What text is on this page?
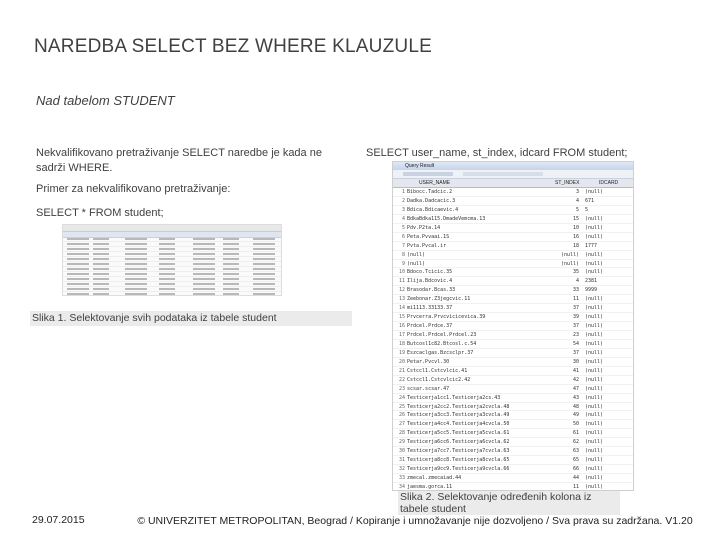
NAREDBA SELECT BEZ WHERE KLAUZULE
Nad tabelom STUDENT
Nekvalifikovano pretraživanje SELECT naredbe je kada ne sadrži WHERE.
Primer za nekvalifikovano pretraživanje:
SELECT * FROM student;
SELECT user_name, st_index, idcard FROM student;
Slika 1. Selektovanje svih podataka iz tabele student
Query Result
USER_NAME	ST_INDEX	IDCARD
1 Bibocc.Tadcic.2	3 (null)
2 Dadka.Dadcacic.3	4 671
3 Bdica.Bdicaevic.4	5 5
4 BdkaBdka115.DmadeVemcma.13	15 (null)
5 Pdv.P2ta.14	10 (null)
6 Peta.Pvvaai.1S	16 (null)
7 Pvta.Pvcal.ir	18 1777
8 (null)	(null) (null)
9 (null)	(null) (null)
10 Bdoco.Tcicic.35	35 (null)
11 Ilija.Bdcovic.4	4 2381
12 Brasodar.Bcas.33	33 9999
13 Zeebonar.Z3jegcvic.11	11 (null)
14 mi1113.33133.37	37 (null)
15 Prvcerra.Prvcvicicevica.39	39 (null)
16 Prdcel.Prdce.37	37 (null)
17 Prdcel.Prdcel.Prdcel.23	23 (null)
18 Butcosl1c82.Btcosl.c.54	54 (null)
19 Eszcaclgas.Bzcsclpr.37	37 (null)
20 Petar.Pvcvl.30	30 (null)
21 Cstccl1.Cstcvlcic.41	41 (null)
22 Cstccl1.Cstcvlcic2.42	42 (null)
23 scsar.scsar.47	47 (null)
24 Testicerja1cc1.Testicerja2cs.43	43 (null)
25 Testicerja2cc2.Testicerja2cvcla.48	48 (null)
26 Testicerja3cc3.Testicerja3cvcla.49	49 (null)
27 Testicerja4cc4.Testicerja4cvcla.50	50 (null)
28 Testicerja5cc5.Testicerja5cvcla.61	61 (null)
29 Testicerja6cc6.Testicerja6cvcla.62	62 (null)
30 Testicerja7cc7.Testicerja7cvcla.63	63 (null)
31 Testicerja8cc8.Testicerja8cvcla.65	65 (null)
32 Testicerja9cc9.Testicerja9cvcla.66	66 (null)
33 zmecal.zmecaiad.44	44 (null)
34 jaesma.gorca.11	11 (null)
Slika 2. Selektovanje određenih kolona iz tabele student
29.07.2015	© UNIVERZITET METROPOLITAN, Beograd / Kopiranje i umnožavanje nije dozvoljeno / Sva prava su zadržana. V1.20
